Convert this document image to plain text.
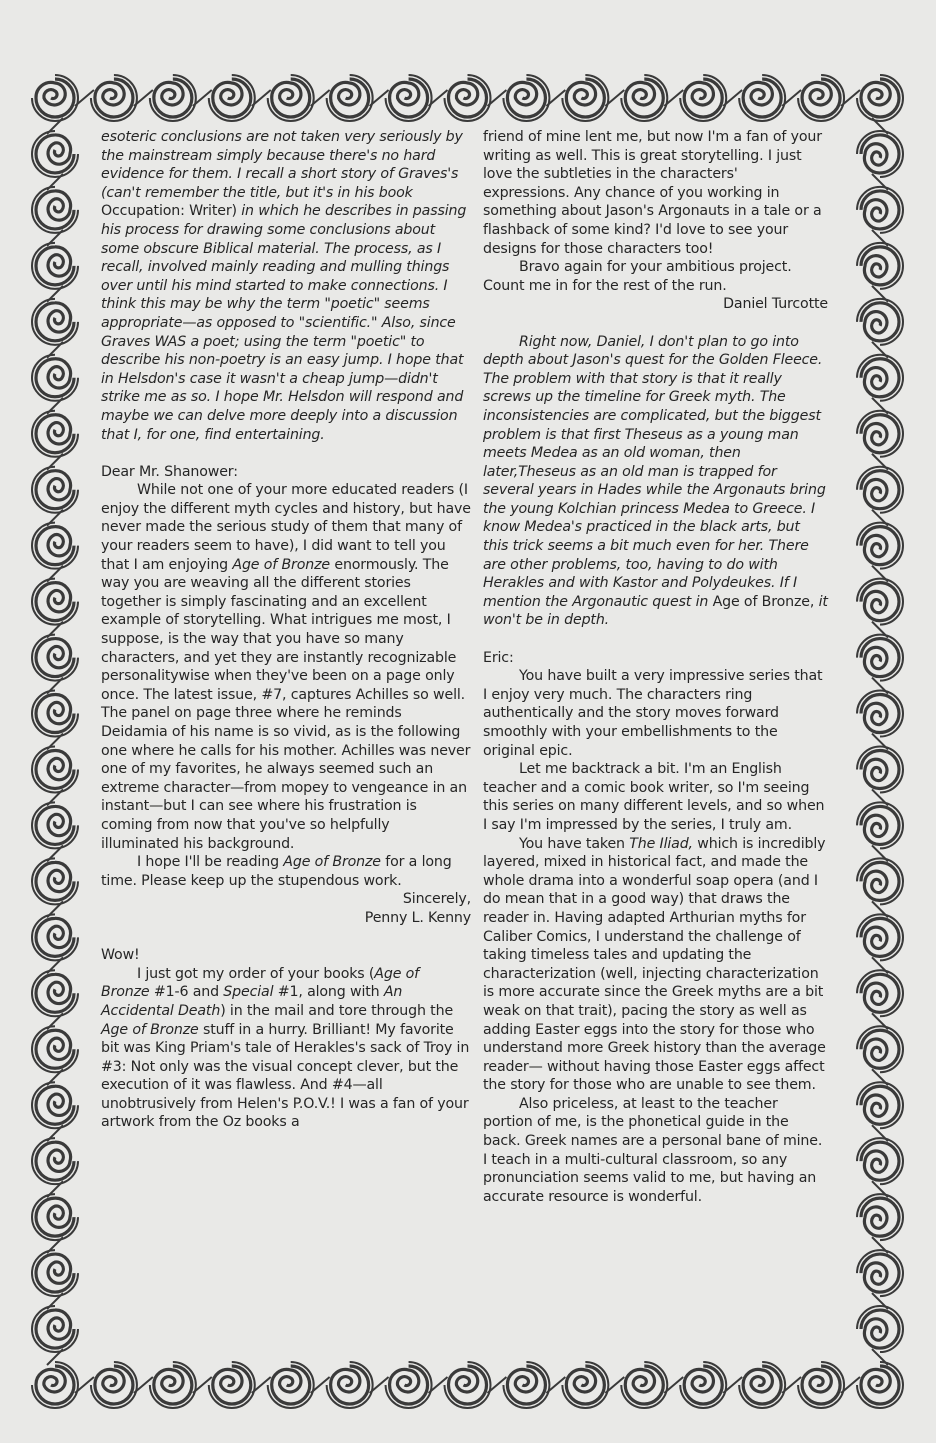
esoteric conclusions are not taken very seriously by the mainstream simply because there's no hard evidence for them. I recall a short story of Graves's (can't remember the title, but it's in his book Occupation: Writer) in which he describes in passing his process for drawing some conclusions about some obscure Biblical material. The process, as I recall, involved mainly reading and mulling things over until his mind started to make connections. I think this may be why the term "poetic" seems appropriate—as opposed to "scientific." Also, since Graves WAS a poet; using the term "poetic" to describe his non-poetry is an easy jump. I hope that in Helsdon's case it wasn't a cheap jump—didn't strike me as so. I hope Mr. Helsdon will respond and maybe we can delve more deeply into a discussion that I, for one, find entertaining.

Dear Mr. Shanower:

While not one of your more educated readers (I enjoy the different myth cycles and history, but have never made the serious study of them that many of your readers seem to have), I did want to tell you that I am enjoying Age of Bronze enormously. The way you are weaving all the different stories together is simply fascinating and an excellent example of storytelling. What intrigues me most, I suppose, is the way that you have so many characters, and yet they are instantly recognizable personalitywise when they've been on a page only once. The latest issue, #7, captures Achilles so well. The panel on page three where he reminds Deidamia of his name is so vivid, as is the following one where he calls for his mother. Achilles was never one of my favorites, he always seemed such an extreme character—from mopey to vengeance in an instant—but I can see where his frustration is coming from now that you've so helpfully illuminated his background.

I hope I'll be reading Age of Bronze for a long time. Please keep up the stupendous work.

Sincerely,

Penny L. Kenny

Wow!

I just got my order of your books (Age of Bronze #1-6 and Special #1, along with An Accidental Death) in the mail and tore through the Age of Bronze stuff in a hurry. Brilliant! My favorite bit was King Priam's tale of Herakles's sack of Troy in #3: Not only was the visual concept clever, but the execution of it was flawless. And #4—all unobtrusively from Helen's P.O.V.! I was a fan of your artwork from the Oz books a

friend of mine lent me, but now I'm a fan of your writing as well. This is great storytelling. I just love the subtleties in the characters' expressions. Any chance of you working in something about Jason's Argonauts in a tale or a flashback of some kind? I'd love to see your designs for those characters too!

Bravo again for your ambitious project. Count me in for the rest of the run.

Daniel Turcotte

Right now, Daniel, I don't plan to go into depth about Jason's quest for the Golden Fleece. The problem with that story is that it really screws up the timeline for Greek myth. The inconsistencies are complicated, but the biggest problem is that first Theseus as a young man meets Medea as an old woman, then later,Theseus as an old man is trapped for several years in Hades while the Argonauts bring the young Kolchian princess Medea to Greece. I know Medea's practiced in the black arts, but this trick seems a bit much even for her. There are other problems, too, having to do with Herakles and with Kastor and Polydeukes. If I mention the Argonautic quest in Age of Bronze, it won't be in depth.

Eric:

You have built a very impressive series that I enjoy very much. The characters ring authentically and the story moves forward smoothly with your embellishments to the original epic.

Let me backtrack a bit. I'm an English teacher and a comic book writer, so I'm seeing this series on many different levels, and so when I say I'm impressed by the series, I truly am.

You have taken The Iliad, which is incredibly layered, mixed in historical fact, and made the whole drama into a wonderful soap opera (and I do mean that in a good way) that draws the reader in. Having adapted Arthurian myths for Caliber Comics, I understand the challenge of taking timeless tales and updating the characterization (well, injecting characterization is more accurate since the Greek myths are a bit weak on that trait), pacing the story as well as adding Easter eggs into the story for those who understand more Greek history than the average reader— without having those Easter eggs affect the story for those who are unable to see them.

Also priceless, at least to the teacher portion of me, is the phonetical guide in the back. Greek names are a personal bane of mine. I teach in a multi-cultural classroom, so any pronunciation seems valid to me, but having an accurate resource is wonderful.
